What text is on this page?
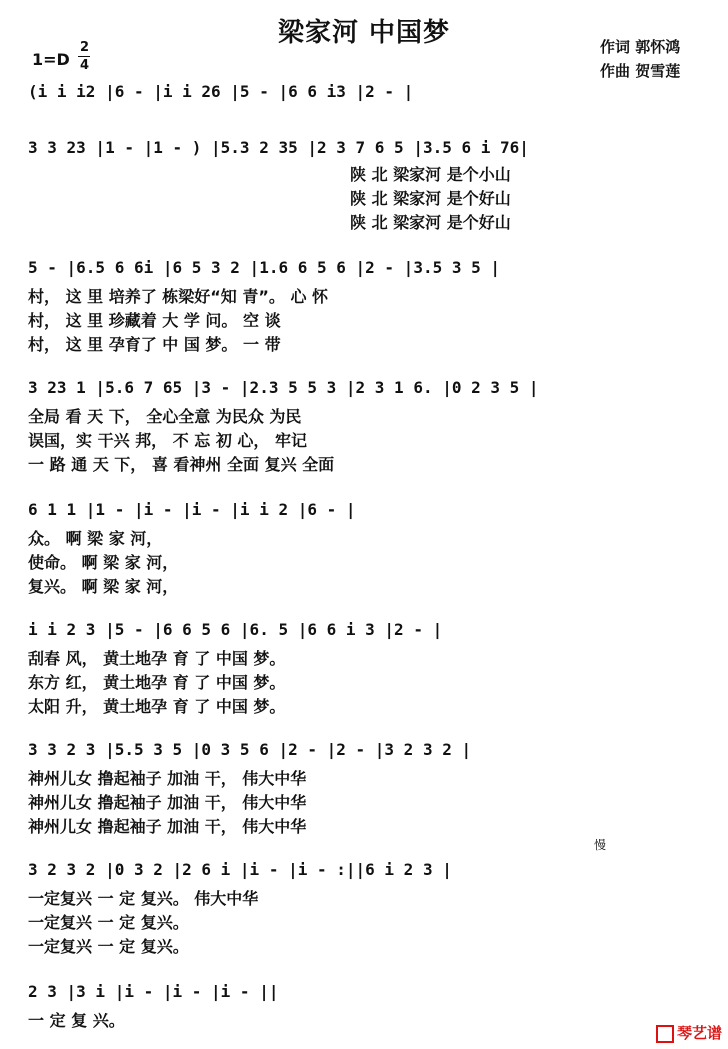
梁家河 中国梦	作词 郭怀鸿
作曲 贺雪莲
1=D
2
4
(i i i2 |6 - |i i 26 |5 - |6 6 i3 |2 - |
3 3 23 |1 - |1 - ) |5.3 2 35 |2 3 7 6 5 |3.5 6 i 76|
陕 北 梁家河 是个小山
陕 北 梁家河 是个好山
陕 北 梁家河 是个好山
5 - |6.5 6 6i |6 5 3 2 |1.6 6 5 6 |2 - |3.5 3 5 |
村， 这 里 培养了 栋梁好“知 青”。 心 怀
村， 这 里 珍藏着 大 学 问。 空 谈
村， 这 里 孕育了 中 国 梦。 一 带
3 23 1 |5.6 7 65 |3 - |2.3 5 5 3 |2 3 1 6. |0 2 3 5 |
全局 看 天 下， 全心全意 为民众 为民
误国，实 干兴 邦， 不 忘 初 心， 牢记
一 路 通 天 下， 喜 看神州 全面 复兴 全面
6 1 1 |1 - |i - |i - |i i 2 |6 - |
众。 啊 梁 家 河，
使命。 啊 梁 家 河，
复兴。 啊 梁 家 河，
i i 2 3 |5 - |6 6 5 6 |6. 5 |6 6 i 3 |2 - |
刮春 风， 黄土地孕 育 了 中国 梦。
东方 红， 黄土地孕 育 了 中国 梦。
太阳 升， 黄土地孕 育 了 中国 梦。
3 3 2 3 |5.5 3 5 |0 3 5 6 |2 - |2 - |3 2 3 2 |
神州儿女 撸起袖子 加油 干， 伟大中华
神州儿女 撸起袖子 加油 干， 伟大中华
神州儿女 撸起袖子 加油 干， 伟大中华
慢
3 2 3 2 |0 3 2 |2 6 i |i - |i - :||6 i 2 3 |
一定复兴 一 定 复兴。 伟大中华
一定复兴 一 定 复兴。
一定复兴 一 定 复兴。
2 3 |3 i |i - |i - |i - ||
一 定 复 兴。
琴艺谱
